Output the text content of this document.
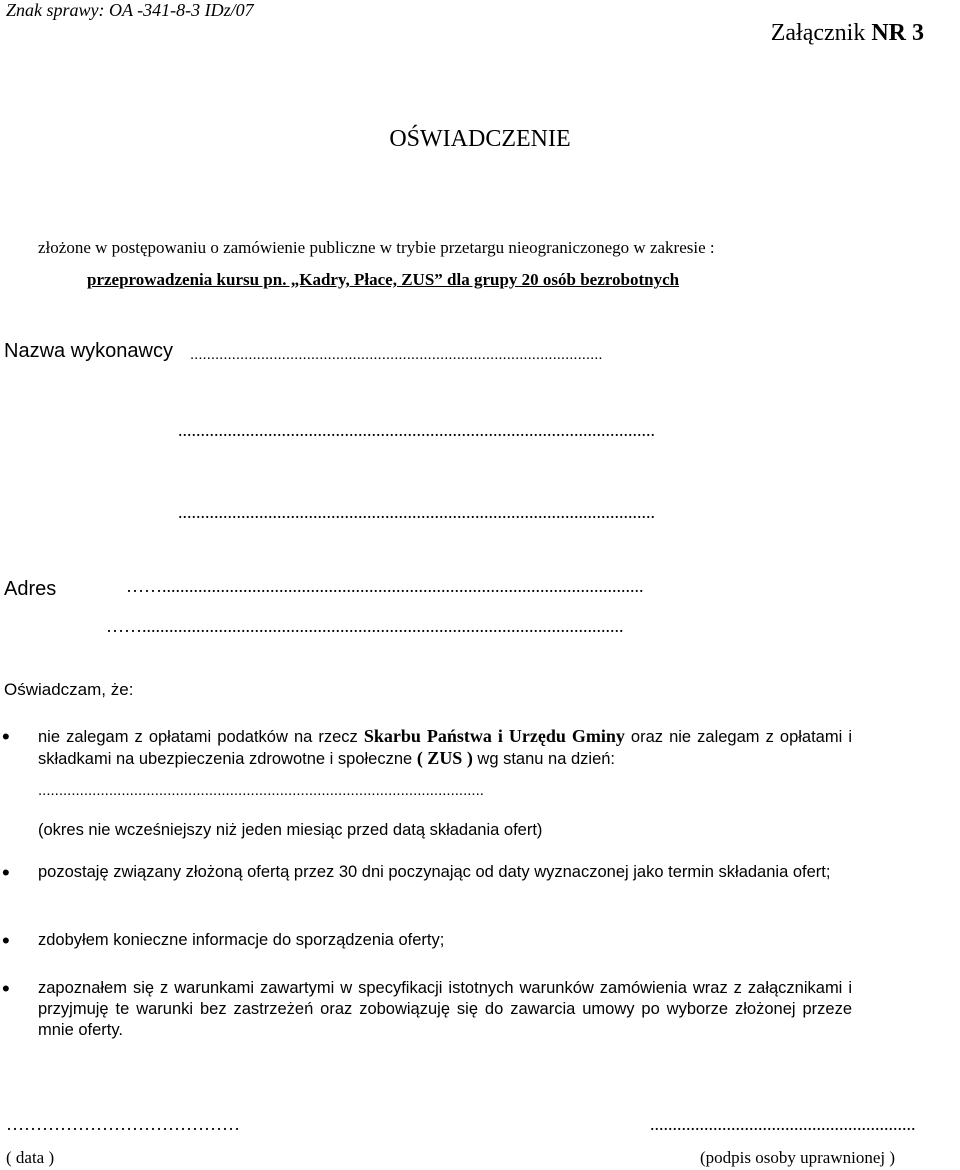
Znak sprawy: OA -341-8-3 IDz/07
Załącznik NR 3
OŚWIADCZENIE
złożone w postępowaniu o zamówienie publiczne w trybie przetargu nieograniczonego w zakresie :
przeprowadzenia kursu pn. „Kadry, Płace, ZUS” dla grupy 20 osób bezrobotnych
Nazwa wykonawcy ...................................................................................................
..........................................................................................................
..........................................................................................................
Adres	……...........................................................................................................
……...........................................................................................................
Oświadczam, że:
• nie zalegam z opłatami podatków na rzecz Skarbu Państwa i Urzędu Gminy oraz nie zalegam z opłatami i składkami na ubezpieczenia zdrowotne i społeczne ( ZUS ) wg stanu na dzień:
...........................................................................................................
(okres nie wcześniejszy niż jeden miesiąc przed datą składania ofert)
• pozostaję związany złożoną ofertą przez 30 dni poczynając od daty wyznaczonej jako termin składania ofert;
• zdobyłem konieczne informacje do sporządzenia oferty;
• zapoznałem się z warunkami zawartymi w specyfikacji istotnych warunków zamówienia wraz z załącznikami i przyjmuję te warunki bez zastrzeżeń oraz zobowiązuję się do zawarcia umowy po wyborze złożonej przeze mnie oferty.
…………………………………	...........................................................
( data )	(podpis osoby uprawnionej )
